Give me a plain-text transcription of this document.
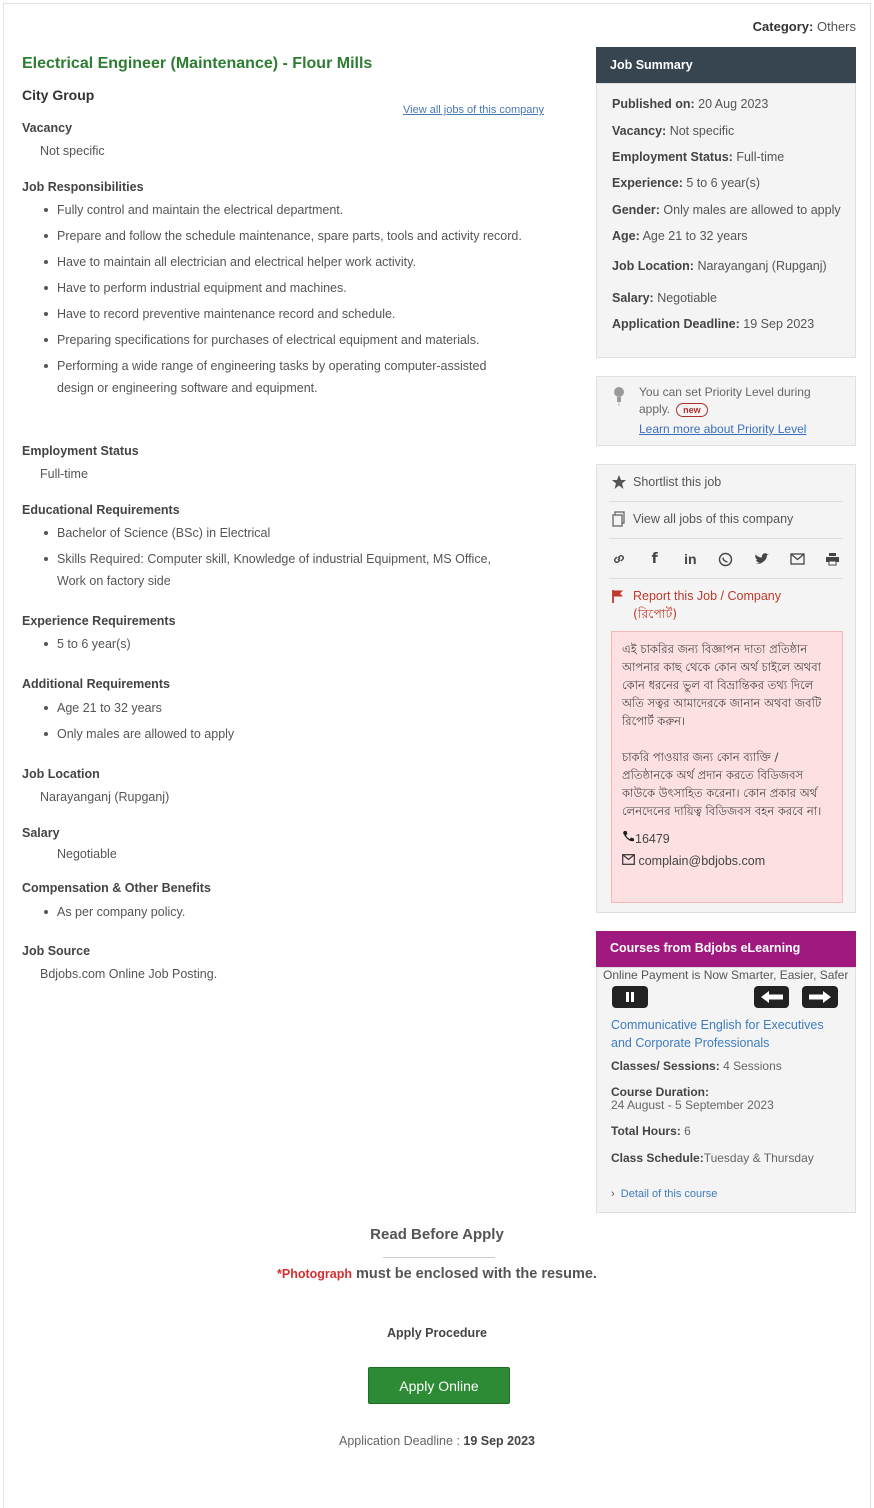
Category: Others
Electrical Engineer (Maintenance) - Flour Mills
City Group
View all jobs of this company
Vacancy
Not specific
Job Responsibilities
Fully control and maintain the electrical department.
Prepare and follow the schedule maintenance, spare parts, tools and activity record.
Have to maintain all electrician and electrical helper work activity.
Have to perform industrial equipment and machines.
Have to record preventive maintenance record and schedule.
Preparing specifications for purchases of electrical equipment and materials.
Performing a wide range of engineering tasks by operating computer-assisted design or engineering software and equipment.
Employment Status
Full-time
Educational Requirements
Bachelor of Science (BSc) in Electrical
Skills Required: Computer skill, Knowledge of industrial Equipment, MS Office, Work on factory side
Experience Requirements
5 to 6 year(s)
Additional Requirements
Age 21 to 32 years
Only males are allowed to apply
Job Location
Narayanganj (Rupganj)
Salary
Negotiable
Compensation & Other Benefits
As per company policy.
Job Source
Bdjobs.com Online Job Posting.
Job Summary
Published on: 20 Aug 2023
Vacancy: Not specific
Employment Status: Full-time
Experience: 5 to 6 year(s)
Gender: Only males are allowed to apply
Age: Age 21 to 32 years
Job Location: Narayanganj (Rupganj)
Salary: Negotiable
Application Deadline: 19 Sep 2023
You can set Priority Level during
apply. new
Learn more about Priority Level
Shortlist this job
View all jobs of this company
f	in
Report this Job / Company
(রিপোর্ট)
এই চাকরির জন্য বিজ্ঞাপন দাতা প্রতিষ্ঠান আপনার কাছ থেকে কোন অর্থ চাইলে অথবা কোন ধরনের ভুল বা বিভ্রান্তিকর তথ্য দিলে অতি সত্বর আমাদেরকে জানান অথবা জবটি রিপোর্ট করুন।
চাকরি পাওয়ার জন্য কোন ব্যাক্তি / প্রতিষ্ঠানকে অর্থ প্রদান করতে বিডিজবস কাউকে উৎসাহিত করেনা। কোন প্রকার অর্থ লেনদেনের দায়িত্ব বিডিজবস বহন করবে না।
16479
complain@bdjobs.com
Courses from Bdjobs eLearning
Online Payment is Now Smarter, Easier, Safer
Communicative English for Executives and Corporate Professionals
Classes/ Sessions: 4 Sessions
Course Duration:
24 August - 5 September 2023
Total Hours: 6
Class Schedule:Tuesday & Thursday
› Detail of this course
Read Before Apply
*Photograph must be enclosed with the resume.
Apply Procedure
Apply Online
Application Deadline : 19 Sep 2023
